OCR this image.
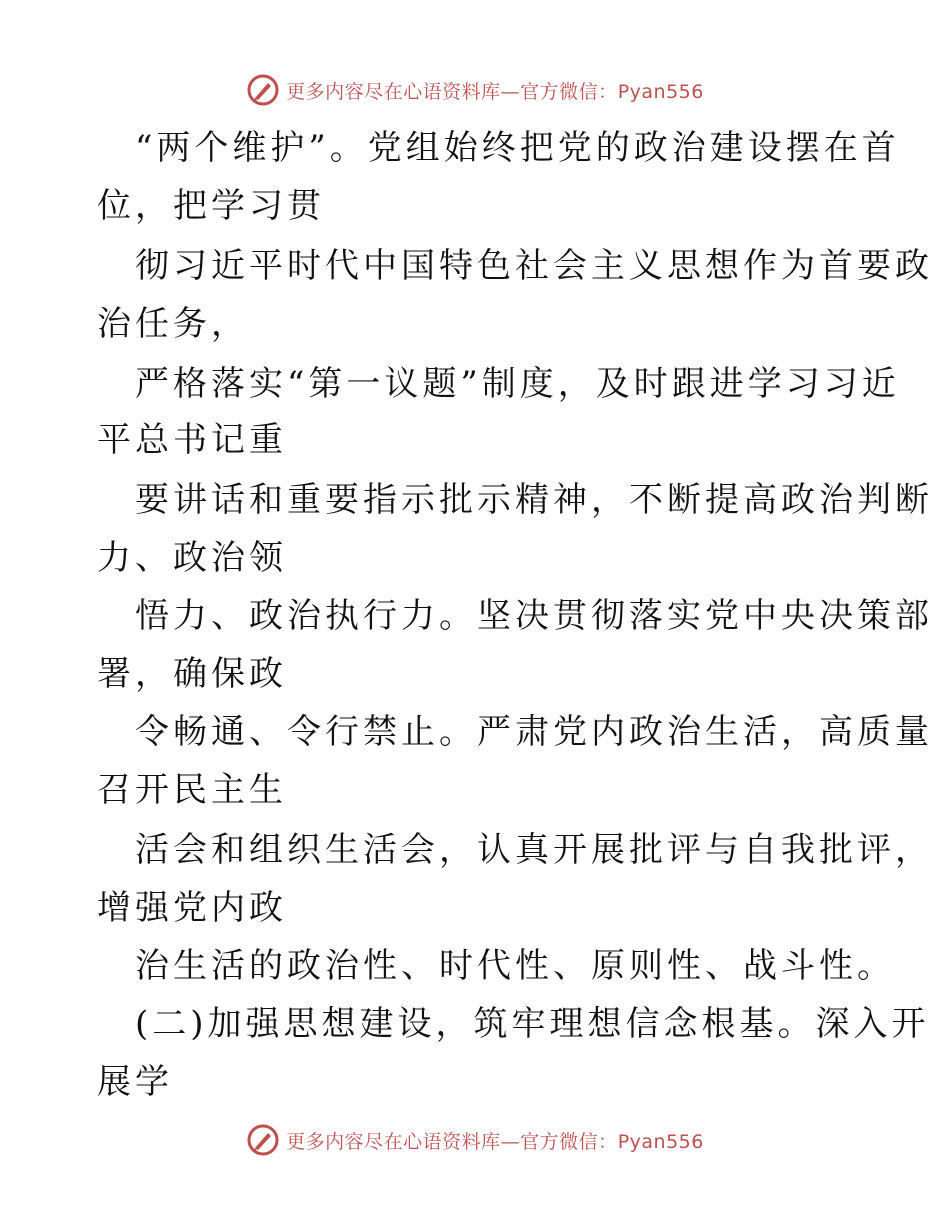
更多内容尽在心语资料库—官方微信：Pyan556
“两个维护”。党组始终把党的政治建设摆在首
位，把学习贯
彻习近平时代中国特色社会主义思想作为首要政
治任务，
严格落实“第一议题”制度，及时跟进学习习近
平总书记重
要讲话和重要指示批示精神，不断提高政治判断
力、政治领
悟力、政治执行力。坚决贯彻落实党中央决策部
署，确保政
令畅通、令行禁止。严肃党内政治生活，高质量
召开民主生
活会和组织生活会，认真开展批评与自我批评，
增强党内政
治生活的政治性、时代性、原则性、战斗性。
(二)加强思想建设，筑牢理想信念根基。深入开
展学
更多内容尽在心语资料库—官方微信：Pyan556
